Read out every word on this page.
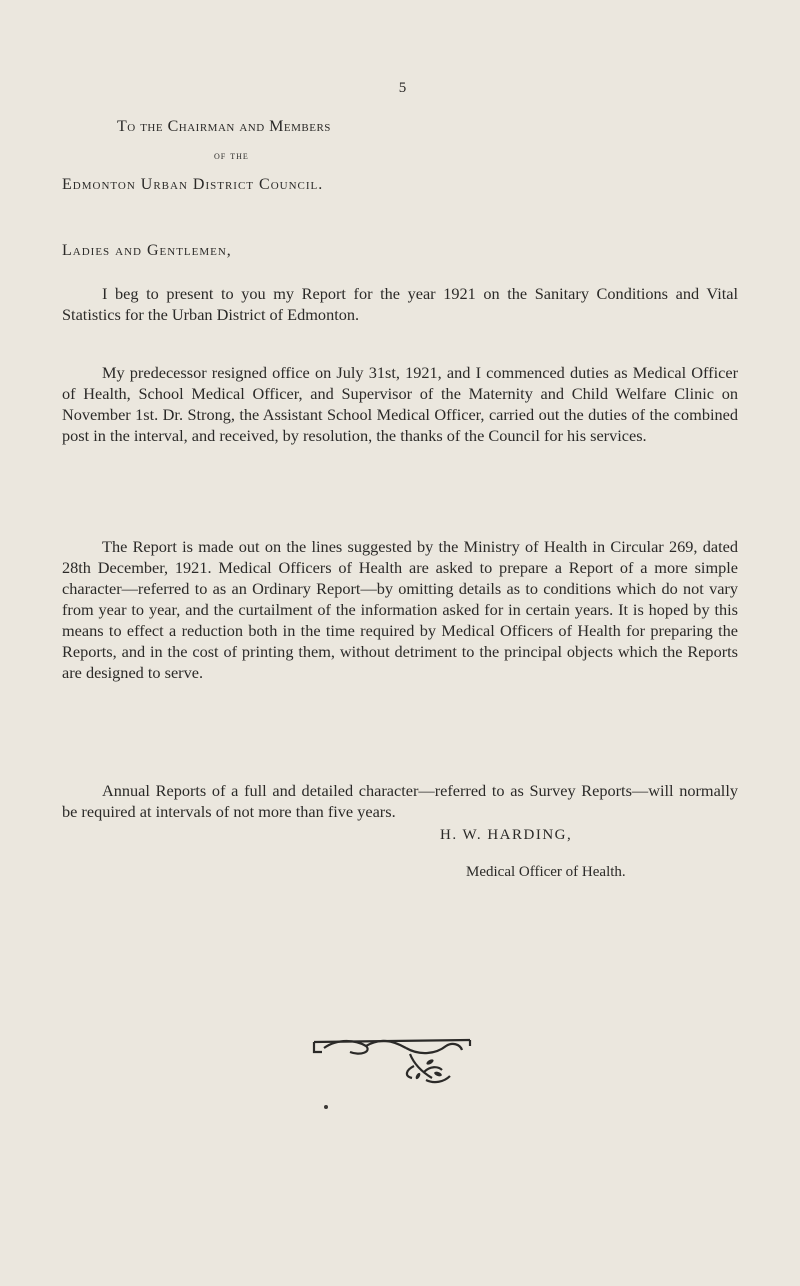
5
To the Chairman and Members
of the
Edmonton Urban District Council.
Ladies and Gentlemen,

I beg to present to you my Report for the year 1921 on the Sanitary Conditions and Vital Statistics for the Urban District of Edmonton.

My predecessor resigned office on July 31st, 1921, and I commenced duties as Medical Officer of Health, School Medical Officer, and Supervisor of the Maternity and Child Welfare Clinic on November 1st. Dr. Strong, the Assistant School Medical Officer, carried out the duties of the combined post in the interval, and received, by resolution, the thanks of the Council for his services.

The Report is made out on the lines suggested by the Ministry of Health in Circular 269, dated 28th December, 1921. Medical Officers of Health are asked to prepare a Report of a more simple character—referred to as an Ordinary Report—by omitting details as to conditions which do not vary from year to year, and the curtailment of the information asked for in certain years. It is hoped by this means to effect a reduction both in the time required by Medical Officers of Health for preparing the Reports, and in the cost of printing them, without detriment to the principal objects which the Reports are designed to serve.

Annual Reports of a full and detailed character—referred to as Survey Reports—will normally be required at intervals of not more than five years.

H. W. HARDING,
Medical Officer of Health.
